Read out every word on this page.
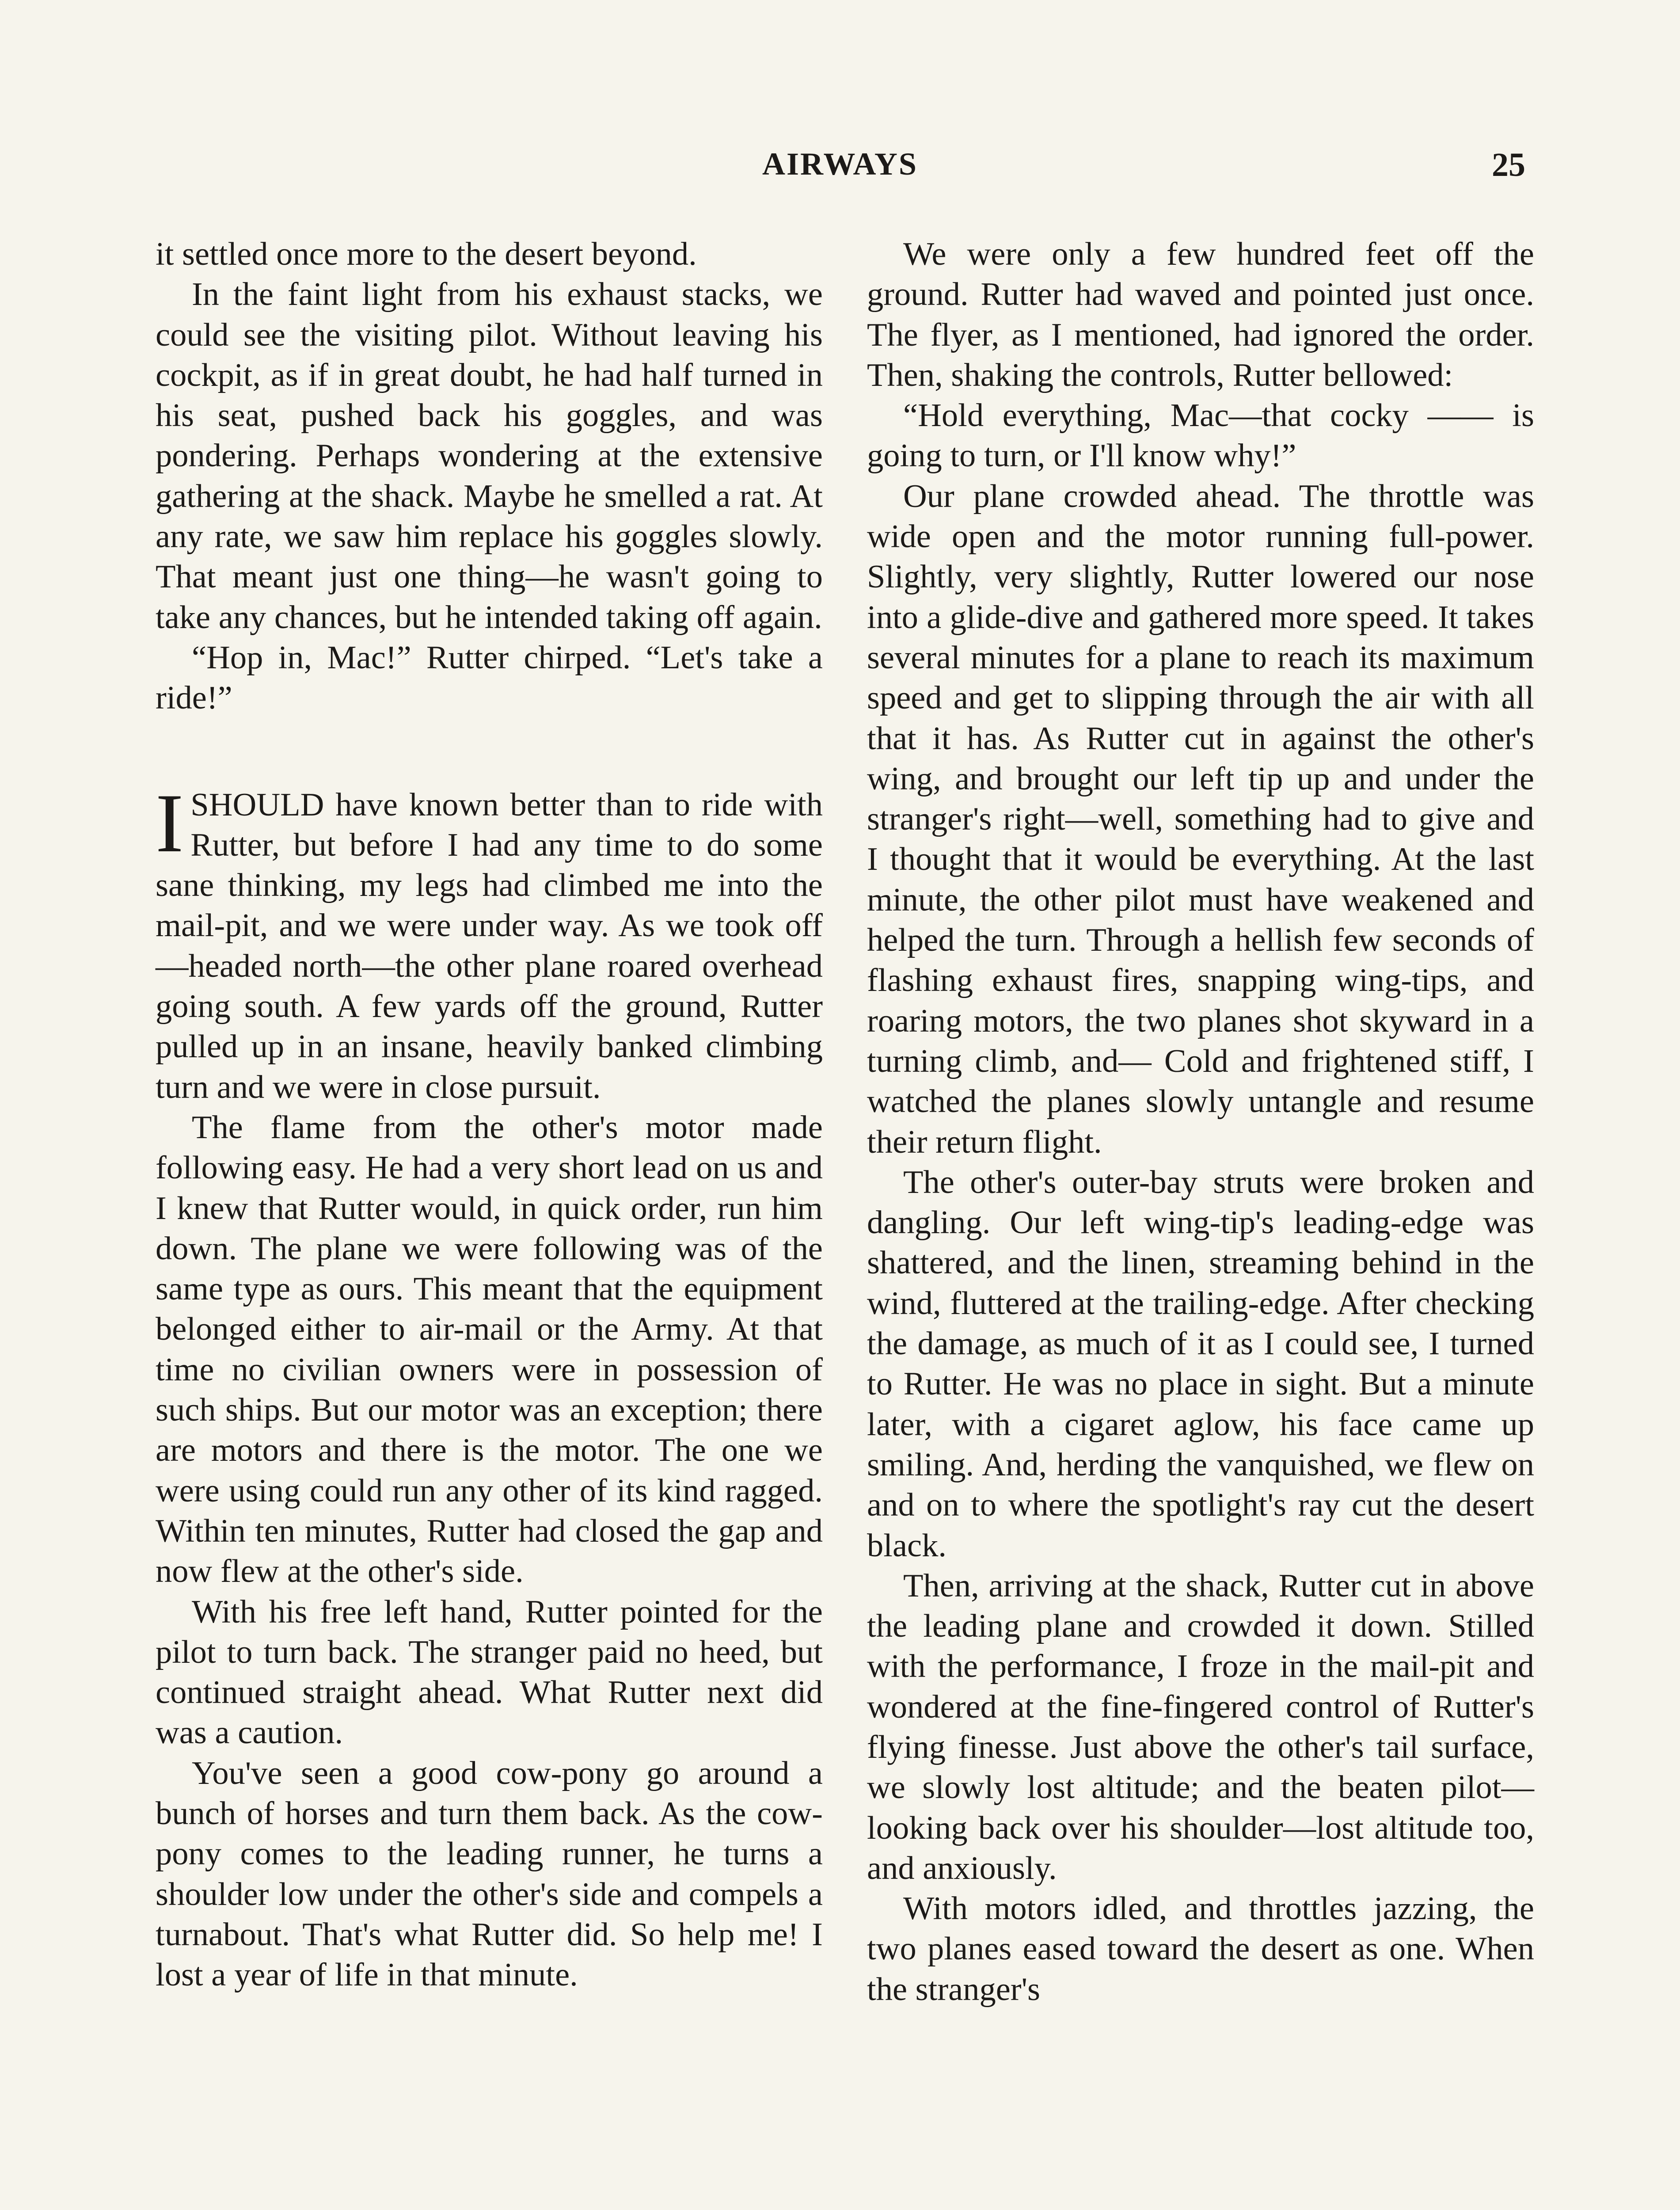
AIRWAYS	25

it settled once more to the desert beyond.

In the faint light from his exhaust stacks, we could see the visiting pilot. Without leaving his cockpit, as if in great doubt, he had half turned in his seat, pushed back his goggles, and was pondering. Perhaps wondering at the extensive gathering at the shack. Maybe he smelled a rat. At any rate, we saw him replace his goggles slowly. That meant just one thing—he wasn't going to take any chances, but he intended taking off again.

“Hop in, Mac!” Rutter chirped. “Let's take a ride!”

ISHOULD have known better than to ride with Rutter, but before I had any time to do some sane thinking, my legs had climbed me into the mail-pit, and we were under way. As we took off—headed north—the other plane roared overhead going south. A few yards off the ground, Rutter pulled up in an insane, heavily banked climbing turn and we were in close pursuit.

The flame from the other's motor made following easy. He had a very short lead on us and I knew that Rutter would, in quick order, run him down. The plane we were following was of the same type as ours. This meant that the equipment belonged either to air-mail or the Army. At that time no civilian owners were in possession of such ships. But our motor was an exception; there are motors and there is the motor. The one we were using could run any other of its kind ragged. Within ten minutes, Rutter had closed the gap and now flew at the other's side.

With his free left hand, Rutter pointed for the pilot to turn back. The stranger paid no heed, but continued straight ahead. What Rutter next did was a caution.

You've seen a good cow-pony go around a bunch of horses and turn them back. As the cow-pony comes to the leading runner, he turns a shoulder low under the other's side and compels a turnabout. That's what Rutter did. So help me! I lost a year of life in that minute.

We were only a few hundred feet off the ground. Rutter had waved and pointed just once. The flyer, as I mentioned, had ignored the order. Then, shaking the controls, Rutter bellowed:

“Hold everything, Mac—that cocky —— is going to turn, or I'll know why!”

Our plane crowded ahead. The throttle was wide open and the motor running full-power. Slightly, very slightly, Rutter lowered our nose into a glide-dive and gathered more speed. It takes several minutes for a plane to reach its maximum speed and get to slipping through the air with all that it has. As Rutter cut in against the other's wing, and brought our left tip up and under the stranger's right—well, something had to give and I thought that it would be everything. At the last minute, the other pilot must have weakened and helped the turn. Through a hellish few seconds of flashing exhaust fires, snapping wing-tips, and roaring motors, the two planes shot skyward in a turning climb, and— Cold and frightened stiff, I watched the planes slowly untangle and resume their return flight.

The other's outer-bay struts were broken and dangling. Our left wing-tip's leading-edge was shattered, and the linen, streaming behind in the wind, fluttered at the trailing-edge. After checking the damage, as much of it as I could see, I turned to Rutter. He was no place in sight. But a minute later, with a cigaret aglow, his face came up smiling. And, herding the vanquished, we flew on and on to where the spotlight's ray cut the desert black.

Then, arriving at the shack, Rutter cut in above the leading plane and crowded it down. Stilled with the performance, I froze in the mail-pit and wondered at the fine-fingered control of Rutter's flying finesse. Just above the other's tail surface, we slowly lost altitude; and the beaten pilot—looking back over his shoulder—lost altitude too, and anxiously.

With motors idled, and throttles jazzing, the two planes eased toward the desert as one. When the stranger's
